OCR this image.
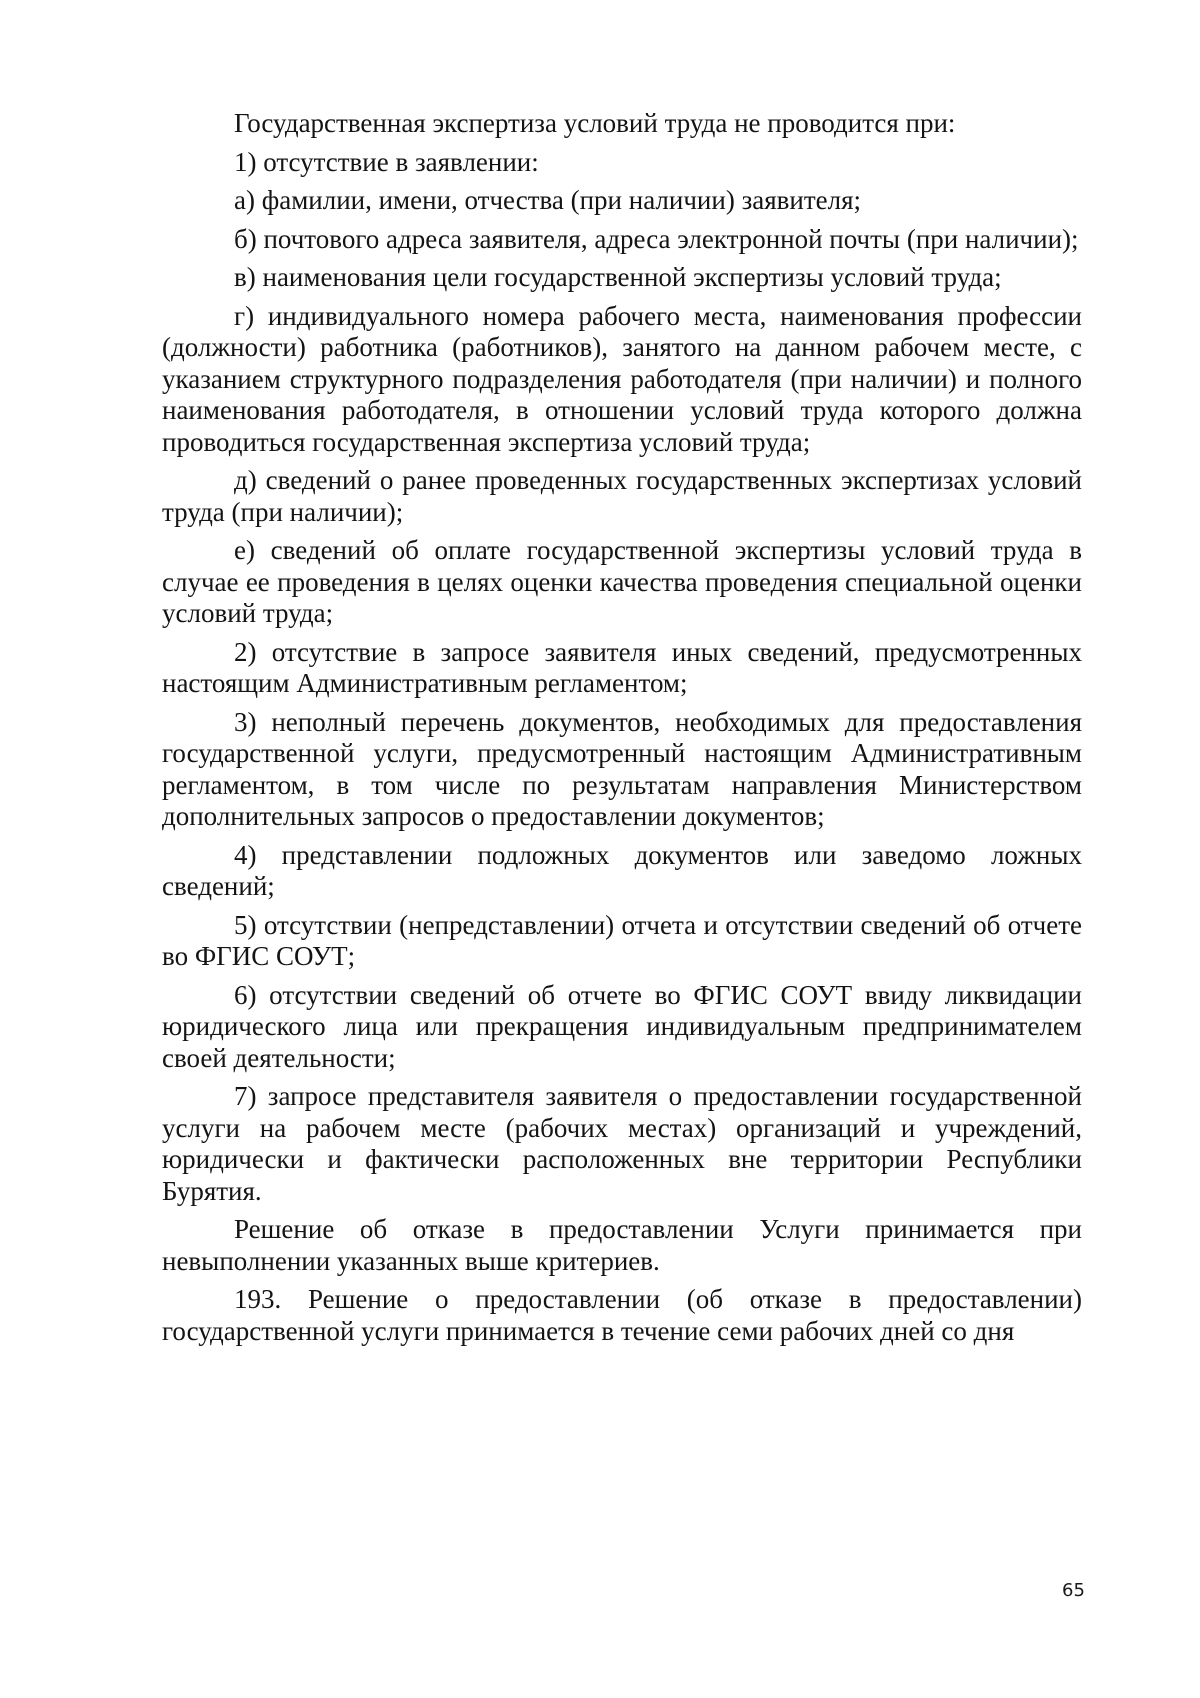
Государственная экспертиза условий труда не проводится при:

1) отсутствие в заявлении:

а) фамилии, имени, отчества (при наличии) заявителя;

б) почтового адреса заявителя, адреса электронной почты (при наличии);

в) наименования цели государственной экспертизы условий труда;

г) индивидуального номера рабочего места, наименования профессии (должности) работника (работников), занятого на данном рабочем месте, с указанием структурного подразделения работодателя (при наличии) и полного наименования работодателя, в отношении условий труда которого должна проводиться государственная экспертиза условий труда;

д) сведений о ранее проведенных государственных экспертизах условий труда (при наличии);

е) сведений об оплате государственной экспертизы условий труда в случае ее проведения в целях оценки качества проведения специальной оценки условий труда;

2) отсутствие в запросе заявителя иных сведений, предусмотренных настоящим Административным регламентом;

3) неполный перечень документов, необходимых для предоставления государственной услуги, предусмотренный настоящим Административным регламентом, в том числе по результатам направления Министерством дополнительных запросов о предоставлении документов;

4) представлении подложных документов или заведомо ложных сведений;

5) отсутствии (непредставлении) отчета и отсутствии сведений об отчете во ФГИС СОУТ;

6) отсутствии сведений об отчете во ФГИС СОУТ ввиду ликвидации юридического лица или прекращения индивидуальным предпринимателем своей деятельности;

7) запросе представителя заявителя о предоставлении государственной услуги на рабочем месте (рабочих местах) организаций и учреждений, юридически и фактически расположенных вне территории Республики Бурятия.

Решение об отказе в предоставлении Услуги принимается при невыполнении указанных выше критериев.

193. Решение о предоставлении (об отказе в предоставлении) государственной услуги принимается в течение семи рабочих дней со дня

65
